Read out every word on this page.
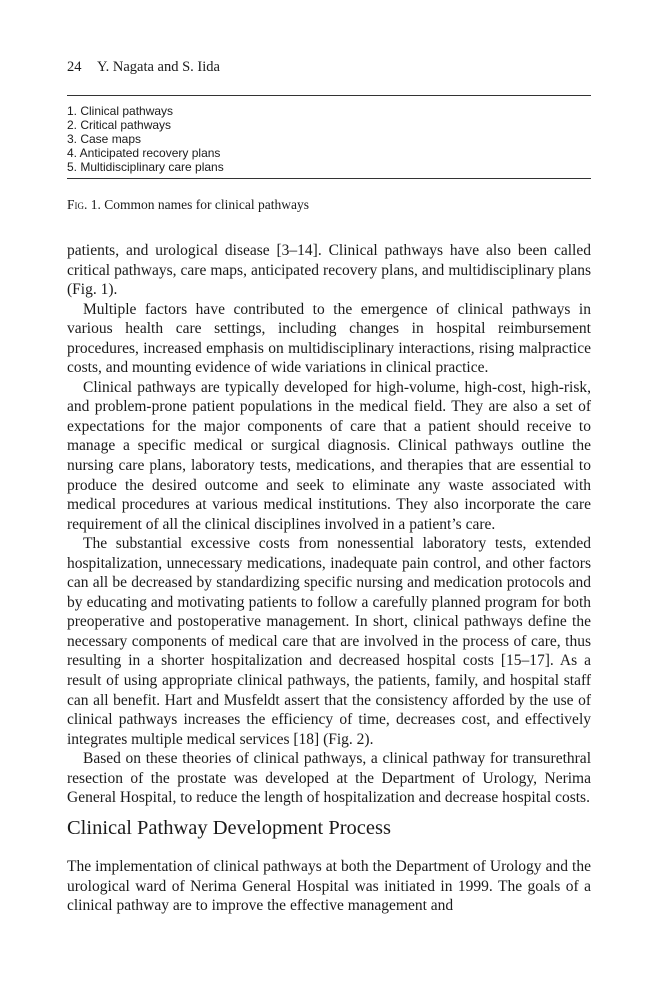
24 Y. Nagata and S. Iida
1. Clinical pathways
2. Critical pathways
3. Case maps
4. Anticipated recovery plans
5. Multidisciplinary care plans
Fig. 1. Common names for clinical pathways

patients, and urological disease [3–14]. Clinical pathways have also been called critical pathways, care maps, anticipated recovery plans, and multidisciplinary plans (Fig. 1).

Multiple factors have contributed to the emergence of clinical pathways in various health care settings, including changes in hospital reimbursement procedures, increased emphasis on multidisciplinary interactions, rising malpractice costs, and mounting evidence of wide variations in clinical practice.

Clinical pathways are typically developed for high-volume, high-cost, high-risk, and problem-prone patient populations in the medical field. They are also a set of expectations for the major components of care that a patient should receive to manage a specific medical or surgical diagnosis. Clinical pathways outline the nursing care plans, laboratory tests, medications, and therapies that are essential to produce the desired outcome and seek to eliminate any waste associated with medical procedures at various medical institutions. They also incorporate the care requirement of all the clinical disciplines involved in a patient’s care.

The substantial excessive costs from nonessential laboratory tests, extended hospitalization, unnecessary medications, inadequate pain control, and other factors can all be decreased by standardizing specific nursing and medication protocols and by educating and motivating patients to follow a carefully planned program for both preoperative and postoperative management. In short, clinical pathways define the necessary components of medical care that are involved in the process of care, thus resulting in a shorter hospitalization and decreased hospital costs [15–17]. As a result of using appropriate clinical pathways, the patients, family, and hospital staff can all benefit. Hart and Musfeldt assert that the consistency afforded by the use of clinical pathways increases the efficiency of time, decreases cost, and effectively integrates multiple medical services [18] (Fig. 2).

Based on these theories of clinical pathways, a clinical pathway for transurethral resection of the prostate was developed at the Department of Urology, Nerima General Hospital, to reduce the length of hospitalization and decrease hospital costs.

Clinical Pathway Development Process

The implementation of clinical pathways at both the Department of Urology and the urological ward of Nerima General Hospital was initiated in 1999. The goals of a clinical pathway are to improve the effective management and
